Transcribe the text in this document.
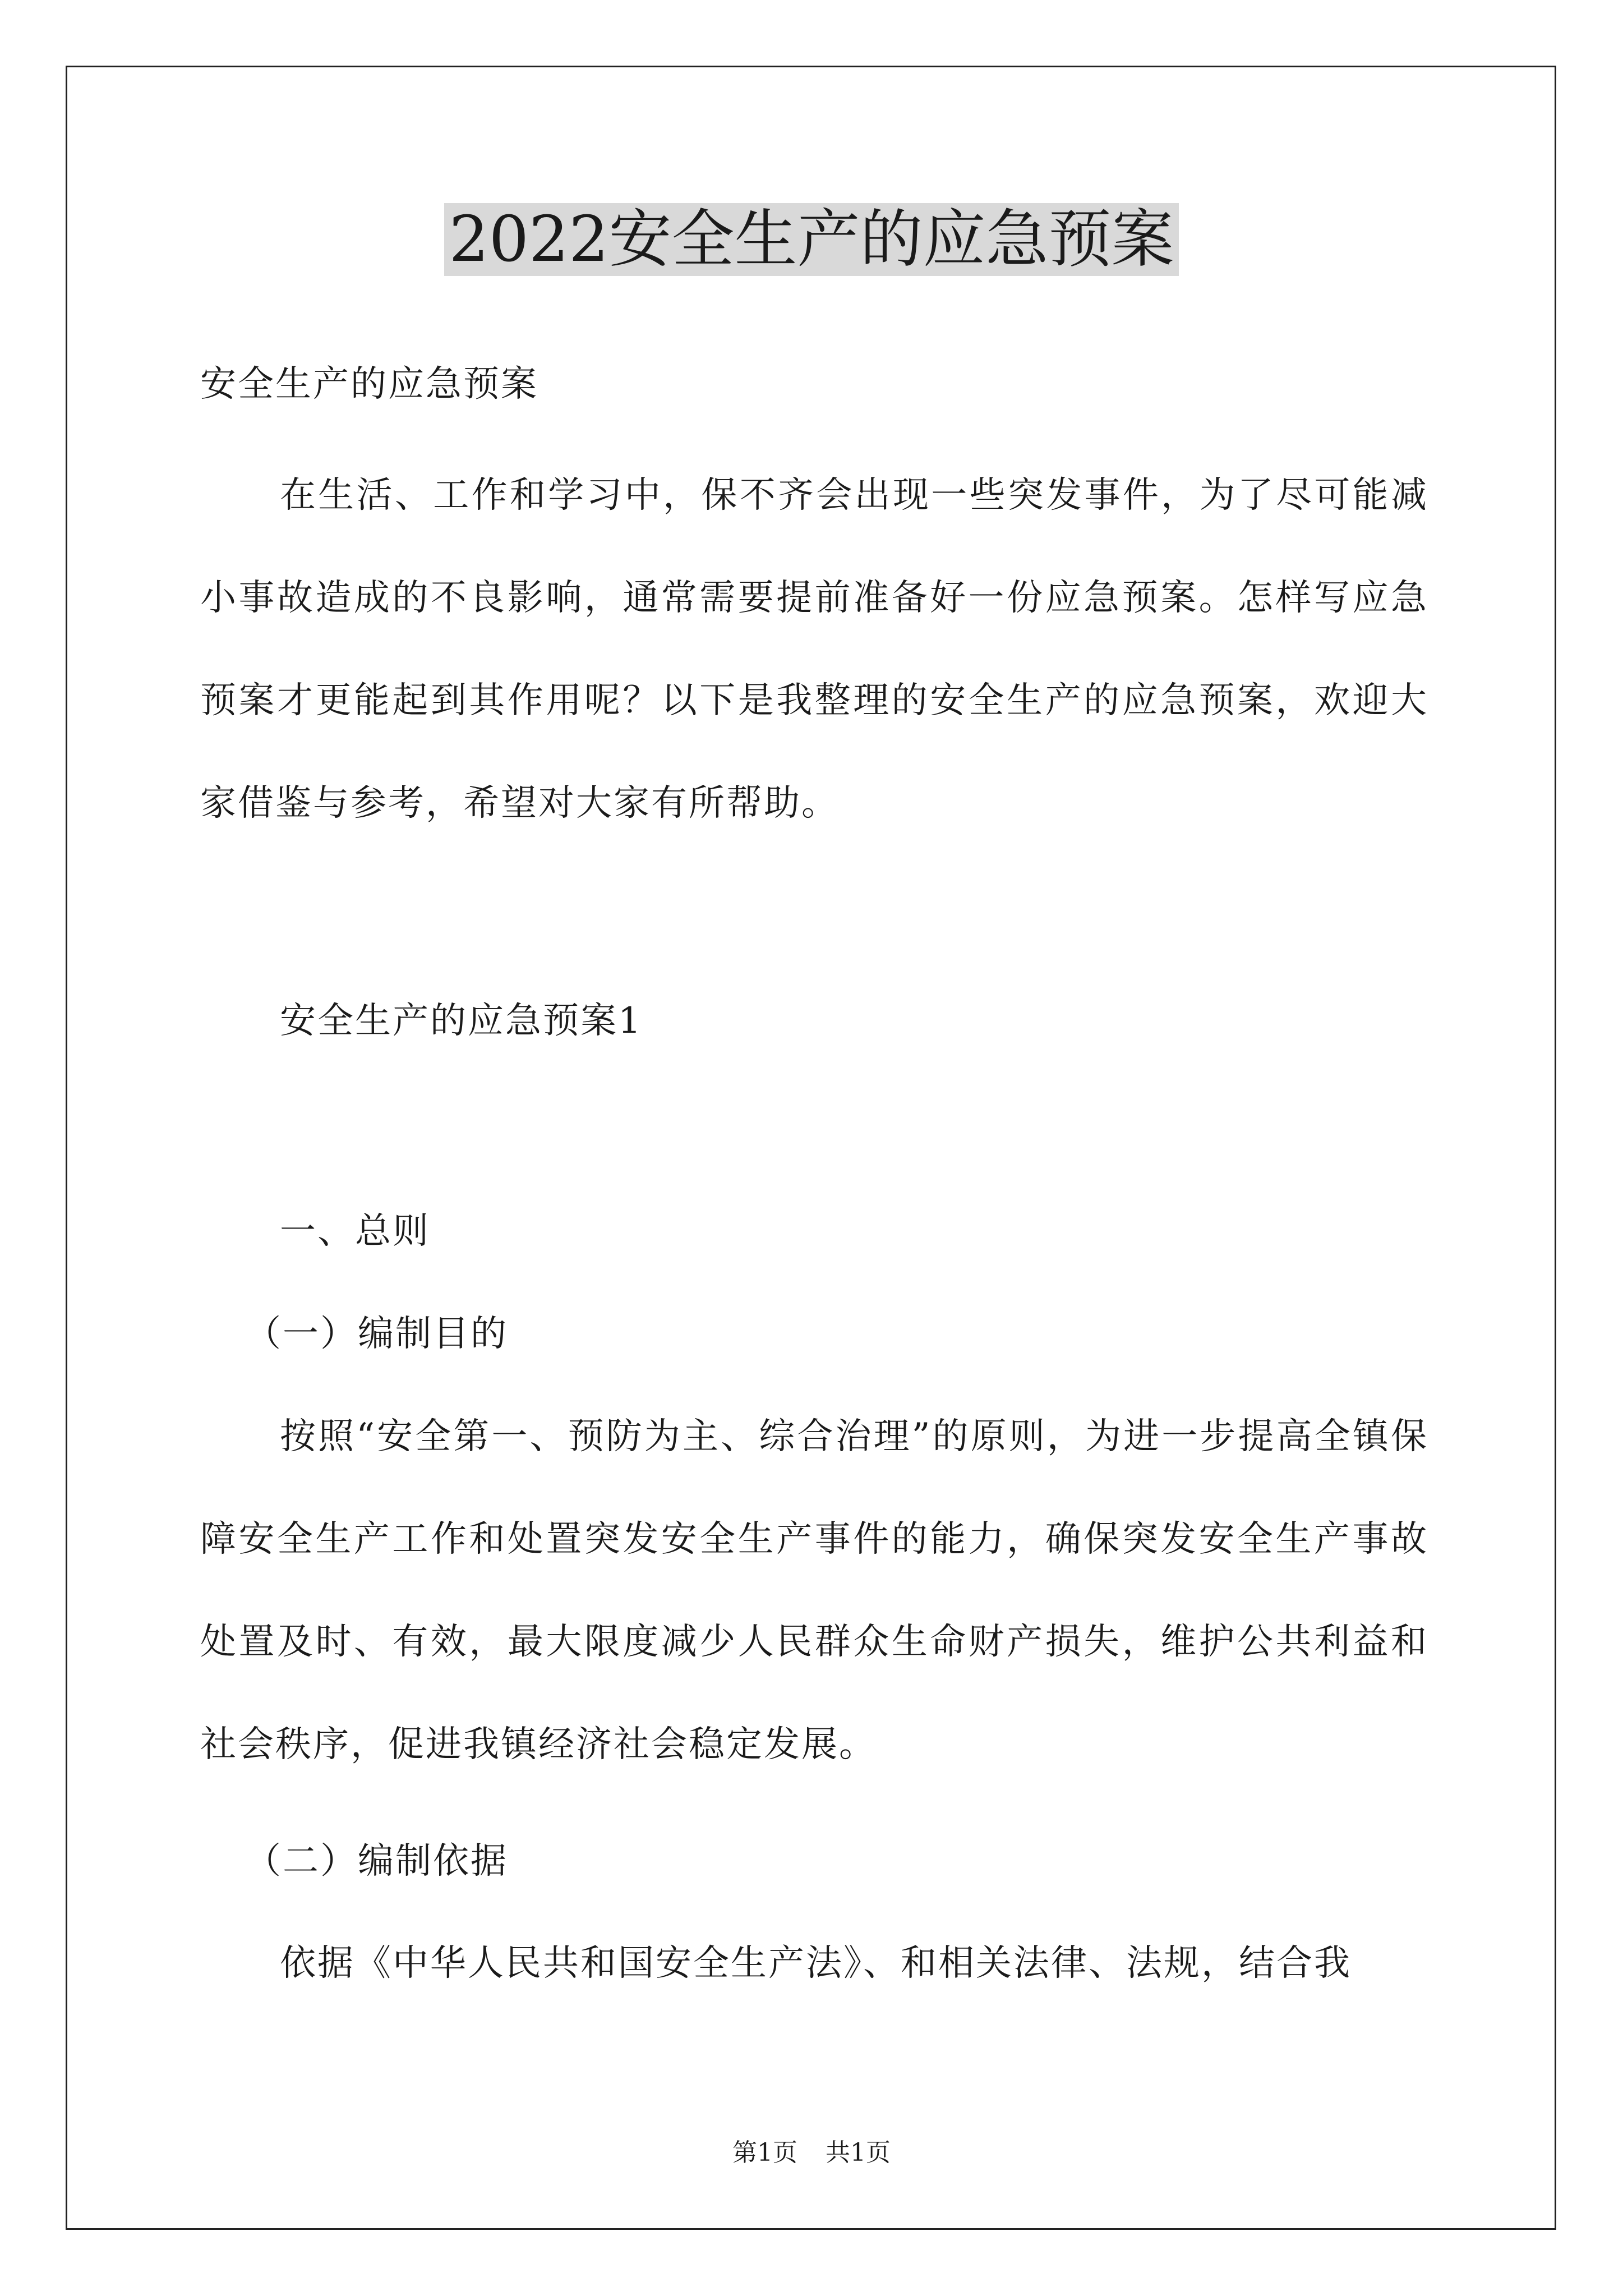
2022安全生产的应急预案

安全生产的应急预案

在生活、工作和学习中，保不齐会出现一些突发事件，为了尽可能减小事故造成的不良影响，通常需要提前准备好一份应急预案。怎样写应急预案才更能起到其作用呢？以下是我整理的安全生产的应急预案，欢迎大家借鉴与参考，希望对大家有所帮助。

安全生产的应急预案1

一、总则

（一）编制目的

按照“安全第一、预防为主、综合治理”的原则，为进一步提高全镇保障安全生产工作和处置突发安全生产事件的能力，确保突发安全生产事故处置及时、有效，最大限度减少人民群众生命财产损失，维护公共利益和社会秩序，促进我镇经济社会稳定发展。

（二）编制依据

依据《中华人民共和国安全生产法》、和相关法律、法规，结合我

第1页 共1页
